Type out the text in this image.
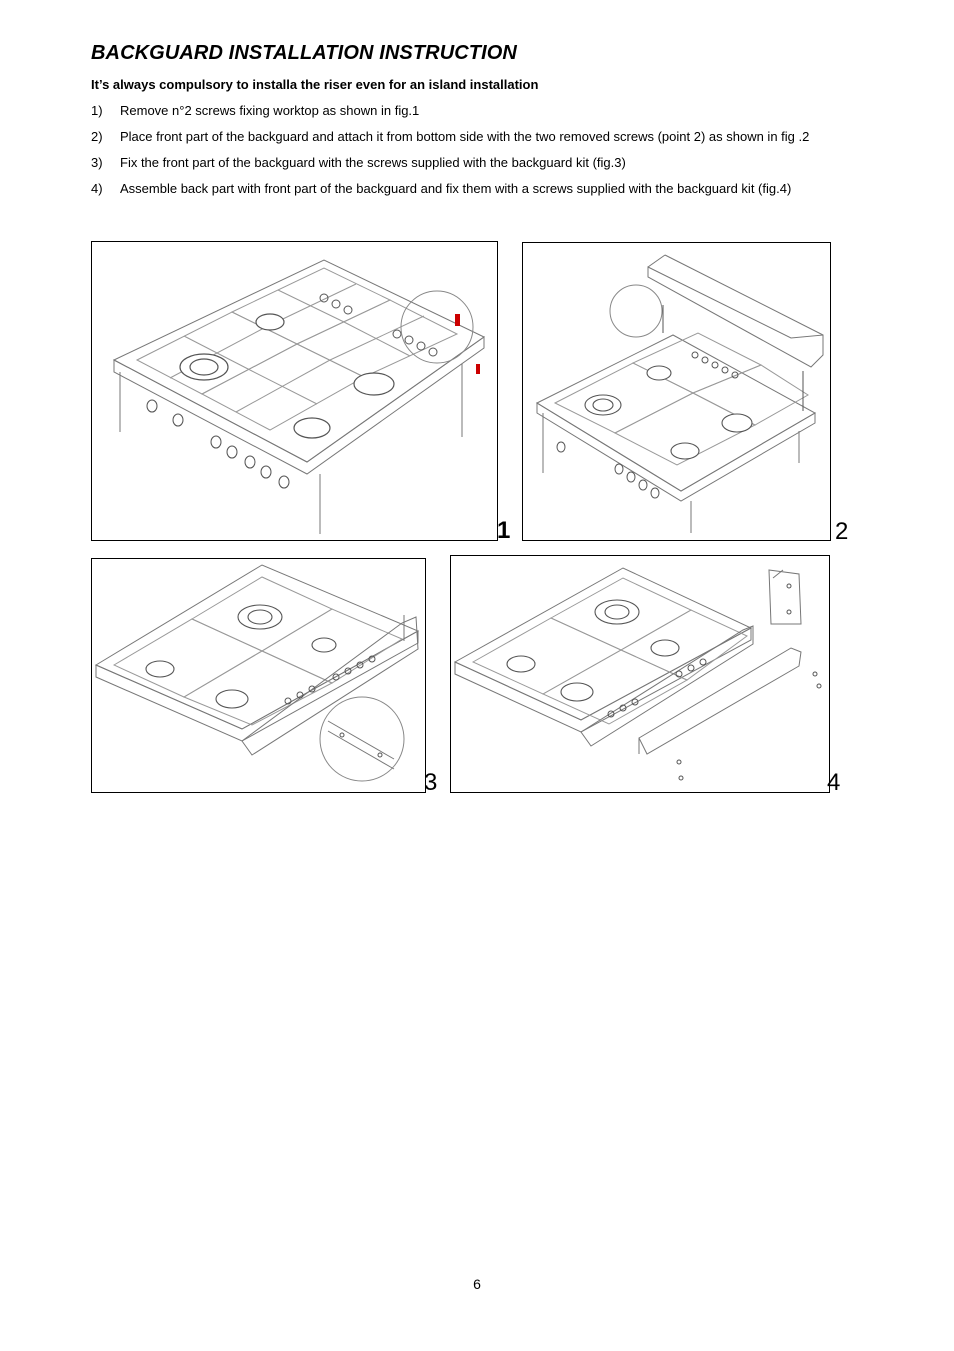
BACKGUARD INSTALLATION INSTRUCTION

It’s always compulsory to installa the riser even for an island installation

1)	Remove n°2 screws fixing worktop as shown in fig.1
2)	Place front part of the backguard and attach it from bottom side with the two removed screws (point 2) as shown in fig .2
3)	Fix the front part of the backguard with the screws supplied with the backguard kit (fig.3)
4)	Assemble back part with front part of the backguard and fix them with a screws supplied with the backguard kit (fig.4)
1	2
3	4
6
